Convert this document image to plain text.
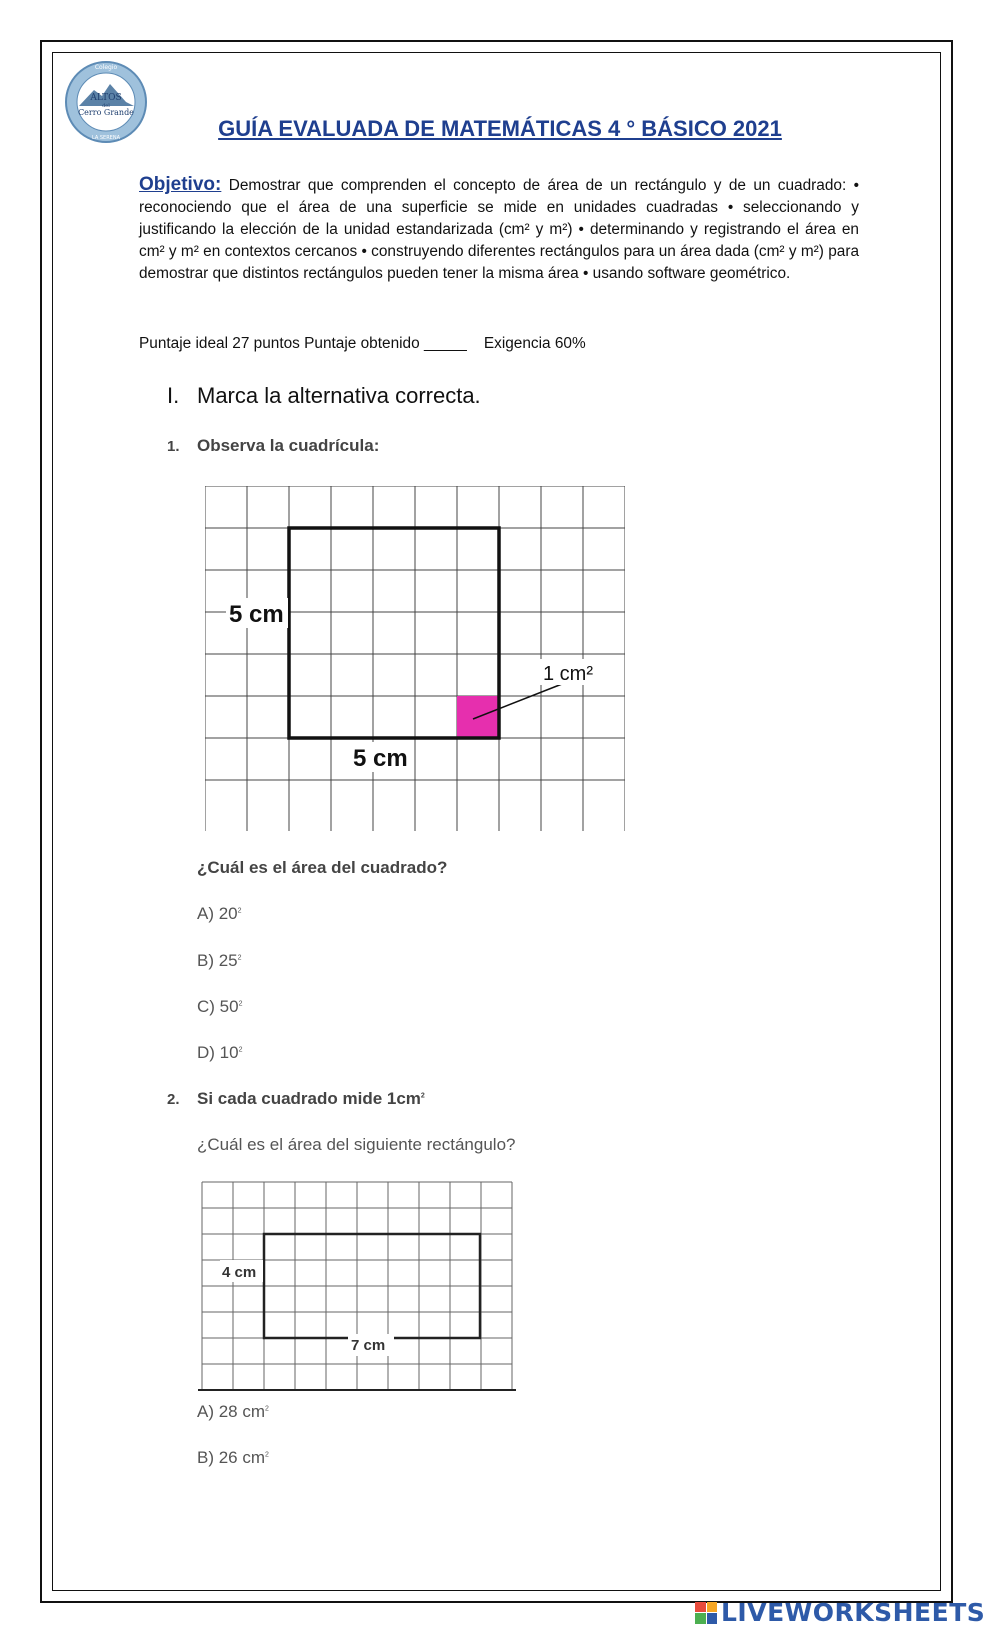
Colegio
ALTOS
del
Cerro Grande
LA SERENA	GUÍA EVALUADA DE MATEMÁTICAS 4 ° BÁSICO 2021

Objetivo: Demostrar que comprenden el concepto de área de un rectángulo y de un cuadrado: • reconociendo que el área de una superficie se mide en unidades cuadradas • seleccionando y justificando la elección de la unidad estandarizada (cm² y m²) • determinando y registrando el área en cm² y m² en contextos cercanos • construyendo diferentes rectángulos para un área dada (cm² y m²) para demostrar que distintos rectángulos pueden tener la misma área • usando software geométrico.

Puntaje ideal 27 puntos Puntaje obtenido _____    Exigencia 60%
I. Marca la alternativa correcta.
1. Observa la cuadrícula:
5 cm
5 cm
1 cm²
¿Cuál es el área del cuadrado?
A) $20^2$
B) $25^2$
C) $50^2$
D) $10^2$
2. Si cada cuadrado mide $1cm^2$
¿Cuál es el área del siguiente rectángulo?
4 cm
7 cm
A) 28 $cm^2$
B) 26 $cm^2$
LIVEWORKSHEETS
